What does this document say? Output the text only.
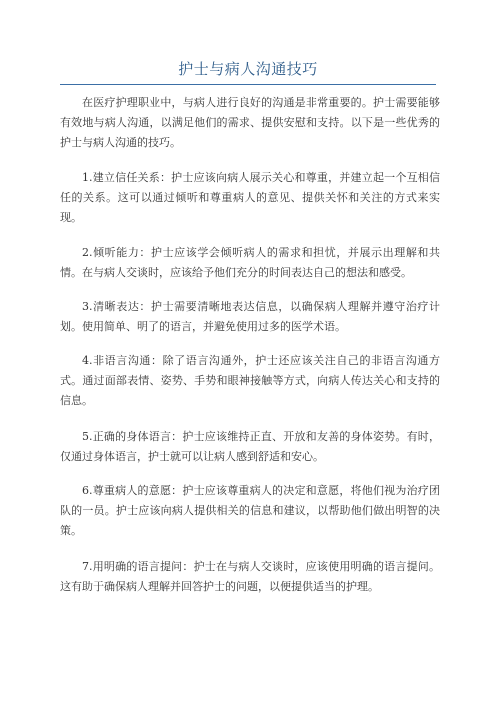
护士与病人沟通技巧

在医疗护理职业中，与病人进行良好的沟通是非常重要的。护士需要能够有效地与病人沟通，以满足他们的需求、提供安慰和支持。以下是一些优秀的护士与病人沟通的技巧。

1.建立信任关系：护士应该向病人展示关心和尊重，并建立起一个互相信任的关系。这可以通过倾听和尊重病人的意见、提供关怀和关注的方式来实现。

2.倾听能力：护士应该学会倾听病人的需求和担忧，并展示出理解和共情。在与病人交谈时，应该给予他们充分的时间表达自己的想法和感受。

3.清晰表达：护士需要清晰地表达信息，以确保病人理解并遵守治疗计划。使用简单、明了的语言，并避免使用过多的医学术语。

4.非语言沟通：除了语言沟通外，护士还应该关注自己的非语言沟通方式。通过面部表情、姿势、手势和眼神接触等方式，向病人传达关心和支持的信息。

5.正确的身体语言：护士应该维持正直、开放和友善的身体姿势。有时，仅通过身体语言，护士就可以让病人感到舒适和安心。

6.尊重病人的意愿：护士应该尊重病人的决定和意愿，将他们视为治疗团队的一员。护士应该向病人提供相关的信息和建议，以帮助他们做出明智的决策。

7.用明确的语言提问：护士在与病人交谈时，应该使用明确的语言提问。这有助于确保病人理解并回答护士的问题，以便提供适当的护理。
